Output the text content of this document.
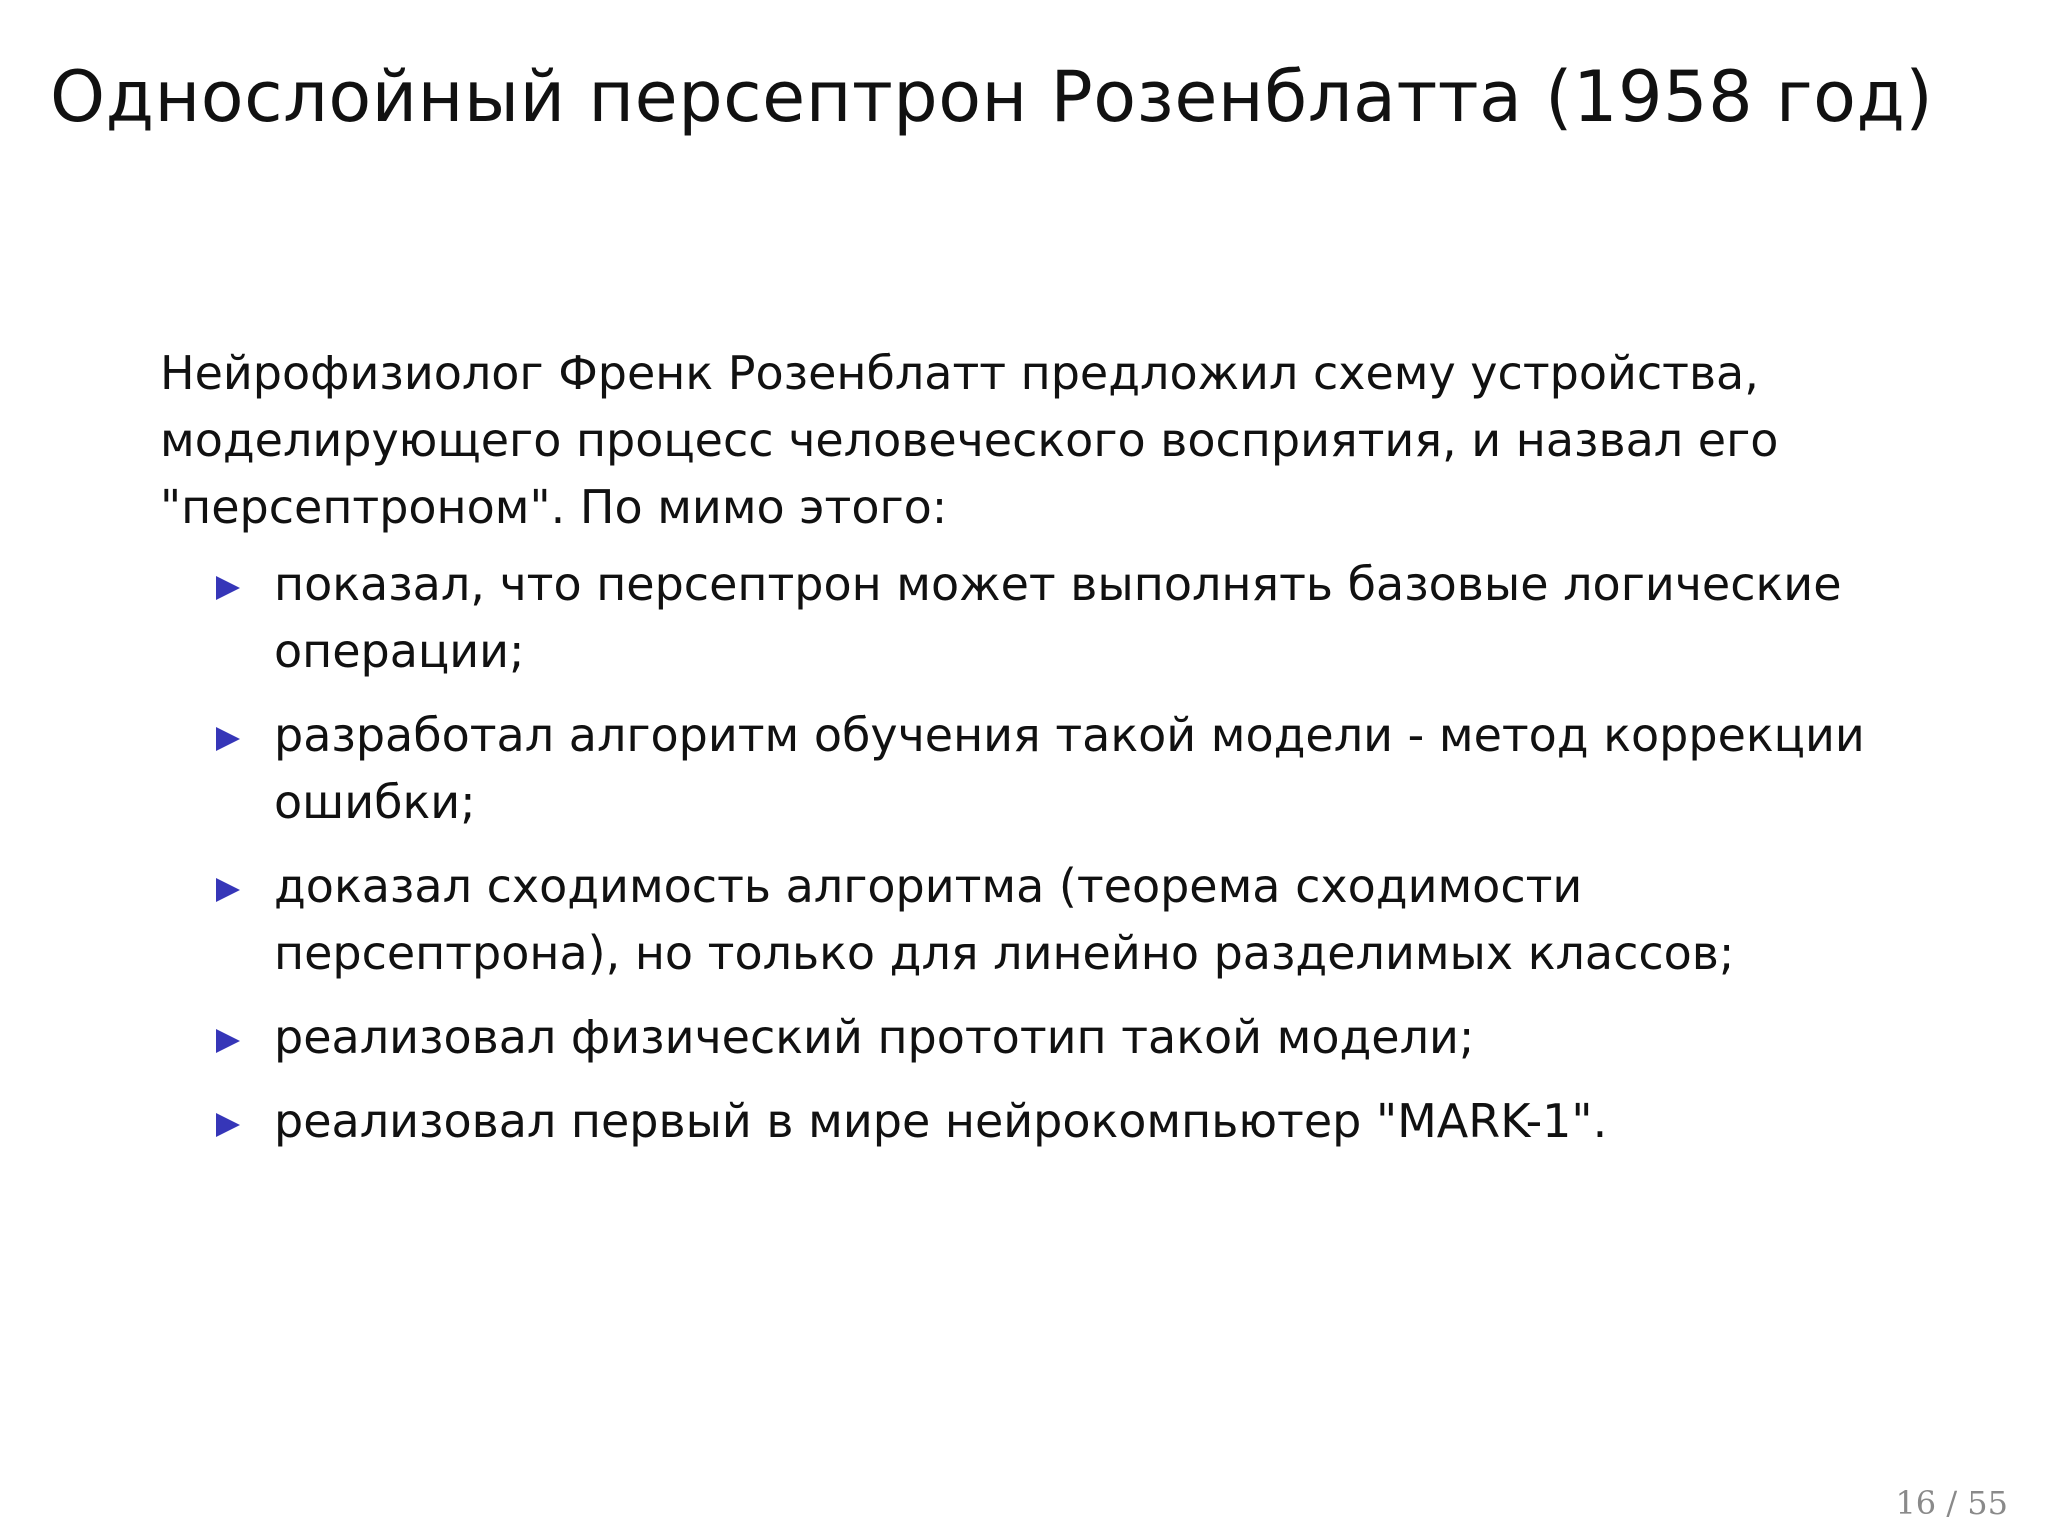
Однослойный персептрон Розенблатта (1958 год)

Нейрофизиолог Френк Розенблатт предложил схему устройства, моделирующего процесс человеческого восприятия, и назвал его "персептроном". По мимо этого:

показал, что персептрон может выполнять базовые логические операции;
разработал алгоритм обучения такой модели - метод коррекции ошибки;
доказал сходимость алгоритма (теорема сходимости персептрона), но только для линейно разделимых классов;
реализовал физический прототип такой модели;
реализовал первый в мире нейрокомпьютер "MARK-1".
16 / 55
